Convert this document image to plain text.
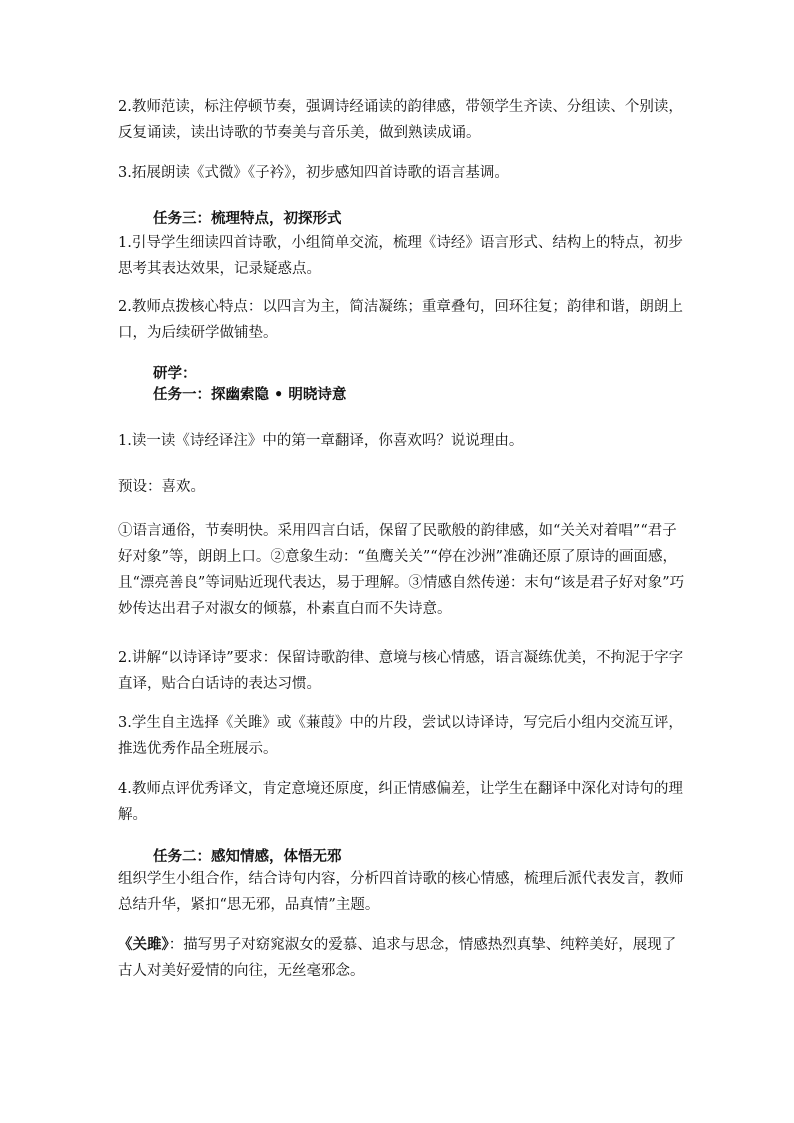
2.教师范读，标注停顿节奏，强调诗经诵读的韵律感，带领学生齐读、分组读、个别读，反复诵读，读出诗歌的节奏美与音乐美，做到熟读成诵。

3.拓展朗读《式微》《子衿》，初步感知四首诗歌的语言基调。

任务三：梳理特点，初探形式

1.引导学生细读四首诗歌，小组简单交流，梳理《诗经》语言形式、结构上的特点，初步思考其表达效果，记录疑惑点。

2.教师点拨核心特点：以四言为主，简洁凝练；重章叠句，回环往复；韵律和谐，朗朗上口，为后续研学做铺垫。

研学：

任务一：探幽索隐 • 明晓诗意

1.读一读《诗经译注》中的第一章翻译，你喜欢吗？说说理由。

预设：喜欢。

①语言通俗，节奏明快。采用四言白话，保留了民歌般的韵律感，如“关关对着唱”“君子好对象”等，朗朗上口。②意象生动：“鱼鹰关关”“停在沙洲”准确还原了原诗的画面感，且“漂亮善良”等词贴近现代表达，易于理解。③情感自然传递：末句“该是君子好对象”巧妙传达出君子对淑女的倾慕，朴素直白而不失诗意。

2.讲解“以诗译诗”要求：保留诗歌韵律、意境与核心情感，语言凝练优美，不拘泥于字字直译，贴合白话诗的表达习惯。

3.学生自主选择《关雎》或《蒹葭》中的片段，尝试以诗译诗，写完后小组内交流互评，推选优秀作品全班展示。

4.教师点评优秀译文，肯定意境还原度，纠正情感偏差，让学生在翻译中深化对诗句的理解。

任务二：感知情感，体悟无邪

组织学生小组合作，结合诗句内容，分析四首诗歌的核心情感，梳理后派代表发言，教师总结升华，紧扣“思无邪，品真情”主题。

《关雎》：描写男子对窈窕淑女的爱慕、追求与思念，情感热烈真挚、纯粹美好，展现了古人对美好爱情的向往，无丝毫邪念。
